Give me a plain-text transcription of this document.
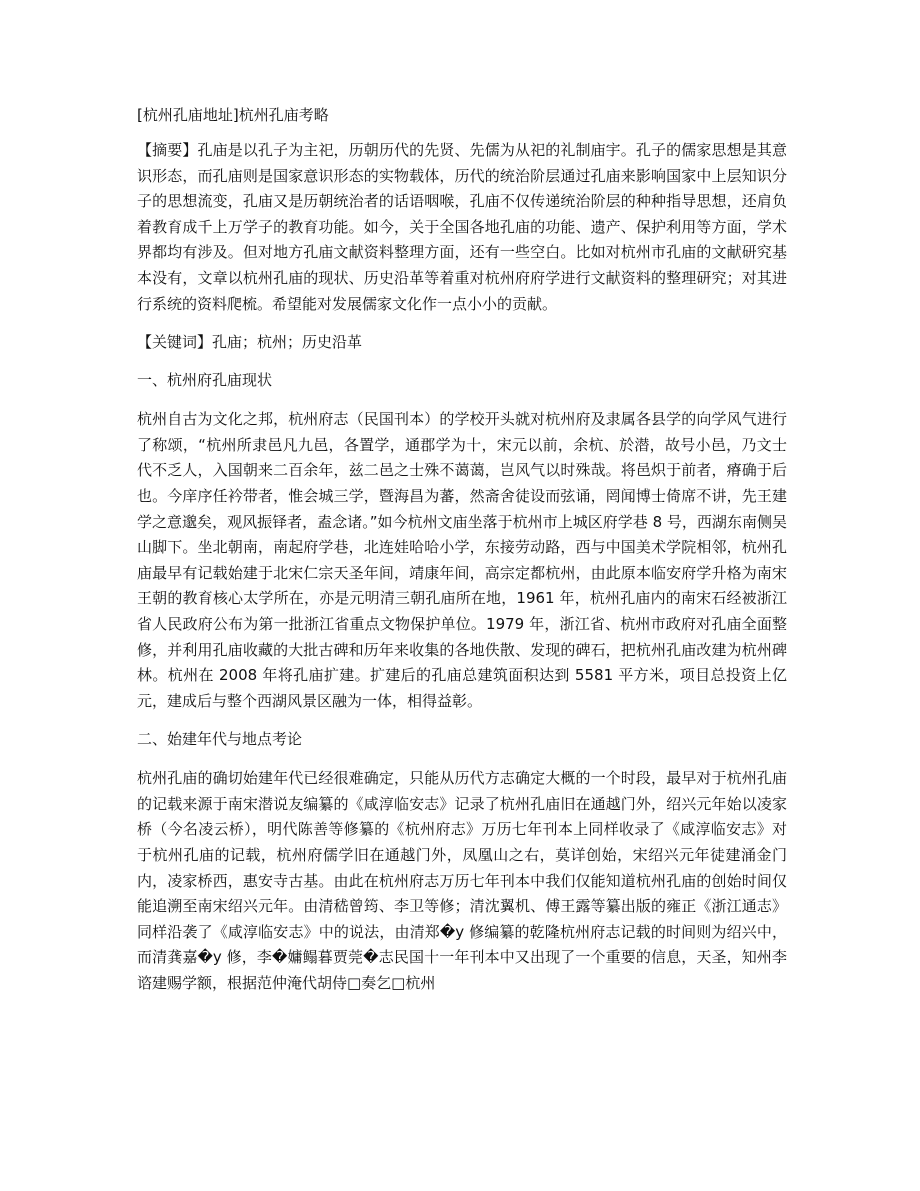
[杭州孔庙地址]杭州孔庙考略
【摘要】孔庙是以孔子为主祀，历朝历代的先贤、先儒为从祀的礼制庙宇。孔子的儒家思想是其意识形态，而孔庙则是国家意识形态的实物载体，历代的统治阶层通过孔庙来影响国家中上层知识分子的思想流变，孔庙又是历朝统治者的话语咽喉，孔庙不仅传递统治阶层的种种指导思想，还肩负着教育成千上万学子的教育功能。如今，关于全国各地孔庙的功能、遗产、保护利用等方面，学术界都均有涉及。但对地方孔庙文献资料整理方面，还有一些空白。比如对杭州市孔庙的文献研究基本没有，文章以杭州孔庙的现状、历史沿革等着重对杭州府府学进行文献资料的整理研究；对其进行系统的资料爬梳。希望能对发展儒家文化作一点小小的贡献。
【关键词】孔庙；杭州；历史沿革
一、杭州府孔庙现状
杭州自古为文化之邦，杭州府志（民国刊本）的学校开头就对杭州府及隶属各县学的向学风气进行了称颂，“杭州所隶邑凡九邑，各置学，通郡学为十，宋元以前，余杭、於潜，故号小邑，乃文士代不乏人，入国朝来二百余年，兹二邑之士殊不蔼蔼，岂风气以时殊哉。将邑炽于前者，瘠确于后也。今庠序任衿带者，惟会城三学，暨海昌为蕃，然斋舍徒设而弦诵，罔闻博士倚席不讲，先王建学之意邈矣，观风振铎者，盍念诸。”如今杭州文庙坐落于杭州市上城区府学巷 8 号，西湖东南侧吴山脚下。坐北朝南，南起府学巷，北连娃哈哈小学，东接劳动路，西与中国美术学院相邻，杭州孔庙最早有记载始建于北宋仁宗天圣年间，靖康年间，高宗定都杭州，由此原本临安府学升格为南宋王朝的教育核心太学所在，亦是元明清三朝孔庙所在地，1961 年，杭州孔庙内的南宋石经被浙江省人民政府公布为第一批浙江省重点文物保护单位。1979 年，浙江省、杭州市政府对孔庙全面整修，并利用孔庙收藏的大批古碑和历年来收集的各地佚散、发现的碑石，把杭州孔庙改建为杭州碑林。杭州在 2008 年将孔庙扩建。扩建后的孔庙总建筑面积达到 5581 平方米，项目总投资上亿元，建成后与整个西湖风景区融为一体，相得益彰。
二、始建年代与地点考论
杭州孔庙的确切始建年代已经很难确定，只能从历代方志确定大概的一个时段，最早对于杭州孔庙的记载来源于南宋潜说友编纂的《咸淳临安志》记录了杭州孔庙旧在通越门外，绍兴元年始以凌家桥（今名凌云桥），明代陈善等修纂的《杭州府志》万历七年刊本上同样收录了《咸淳临安志》对于杭州孔庙的记载，杭州府儒学旧在通越门外，凤凰山之右，莫详创始，宋绍兴元年徒建涌金门内，凌家桥西，惠安寺古基。由此在杭州府志万历七年刊本中我们仅能知道杭州孔庙的创始时间仅能追溯至南宋绍兴元年。由清嵇曾筠、李卫等修；清沈翼机、傅王露等纂出版的雍正《浙江通志》同样沿袭了《咸淳临安志》中的说法，由清郑�y 修编纂的乾隆杭州府志记载的时间则为绍兴中，而清龚嘉�y 修，李�嫞鳎暮贾莞�志民国十一年刊本中又出现了一个重要的信息，天圣，知州李谘建赐学额，根据范仲淹代胡侍□奏乞□杭州
